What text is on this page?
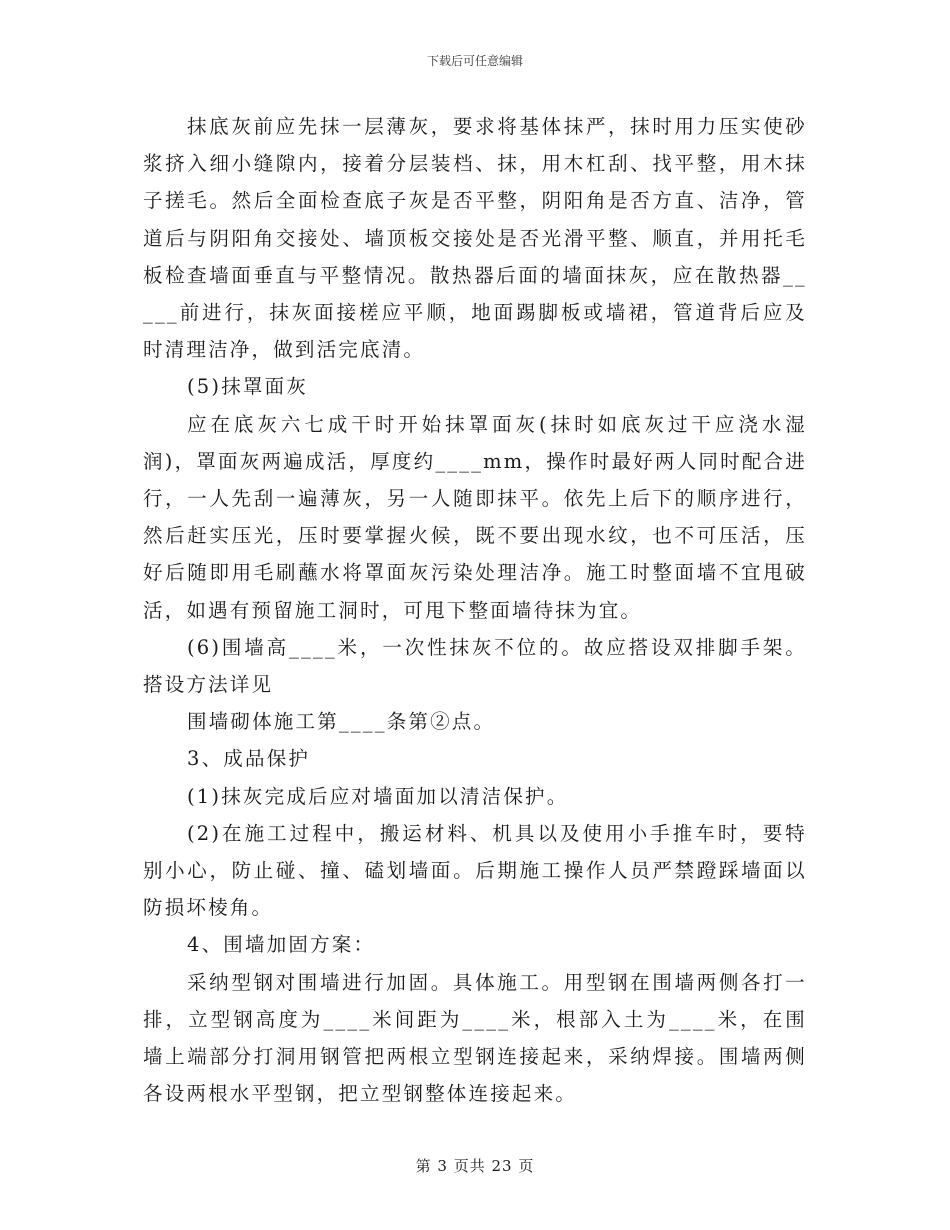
下载后可任意编辑

抹底灰前应先抹一层薄灰，要求将基体抹严，抹时用力压实使砂浆挤入细小缝隙内，接着分层装档、抹，用木杠刮、找平整，用木抹子搓毛。然后全面检查底子灰是否平整，阴阳角是否方直、洁净，管道后与阴阳角交接处、墙顶板交接处是否光滑平整、顺直，并用托毛板检查墙面垂直与平整情况。散热器后面的墙面抹灰，应在散热器_____前进行，抹灰面接槎应平顺，地面踢脚板或墙裙，管道背后应及时清理洁净，做到活完底清。

(5)抹罩面灰

应在底灰六七成干时开始抹罩面灰(抹时如底灰过干应浇水湿润)，罩面灰两遍成活，厚度约____mm，操作时最好两人同时配合进行，一人先刮一遍薄灰，另一人随即抹平。依先上后下的顺序进行，然后赶实压光，压时要掌握火候，既不要出现水纹，也不可压活，压好后随即用毛刷蘸水将罩面灰污染处理洁净。施工时整面墙不宜甩破活，如遇有预留施工洞时，可甩下整面墙待抹为宜。

(6)围墙高____米，一次性抹灰不位的。故应搭设双排脚手架。搭设方法详见

围墙砌体施工第____条第②点。

3、成品保护

(1)抹灰完成后应对墙面加以清洁保护。

(2)在施工过程中，搬运材料、机具以及使用小手推车时，要特别小心，防止碰、撞、磕划墙面。后期施工操作人员严禁蹬踩墙面以防损坏棱角。

4、围墙加固方案：

采纳型钢对围墙进行加固。具体施工。用型钢在围墙两侧各打一排，立型钢高度为____米间距为____米，根部入土为____米，在围墙上端部分打洞用钢管把两根立型钢连接起来，采纳焊接。围墙两侧各设两根水平型钢，把立型钢整体连接起来。

第 3 页共 23 页
